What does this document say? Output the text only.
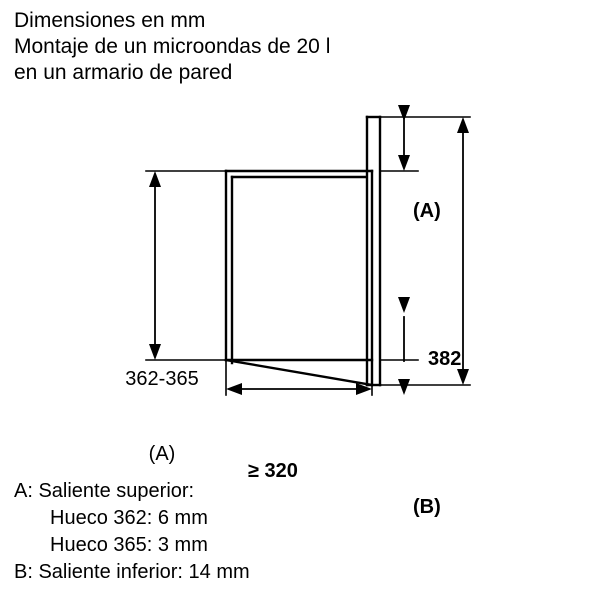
Dimensiones en mm
Montaje de un microondas de 20 l
en un armario de pared

362-365

(A)

≥ 320
382
(A)
(B)
A: Saliente superior:
Hueco 362: 6 mm
Hueco 365: 3 mm
B: Saliente inferior: 14 mm
